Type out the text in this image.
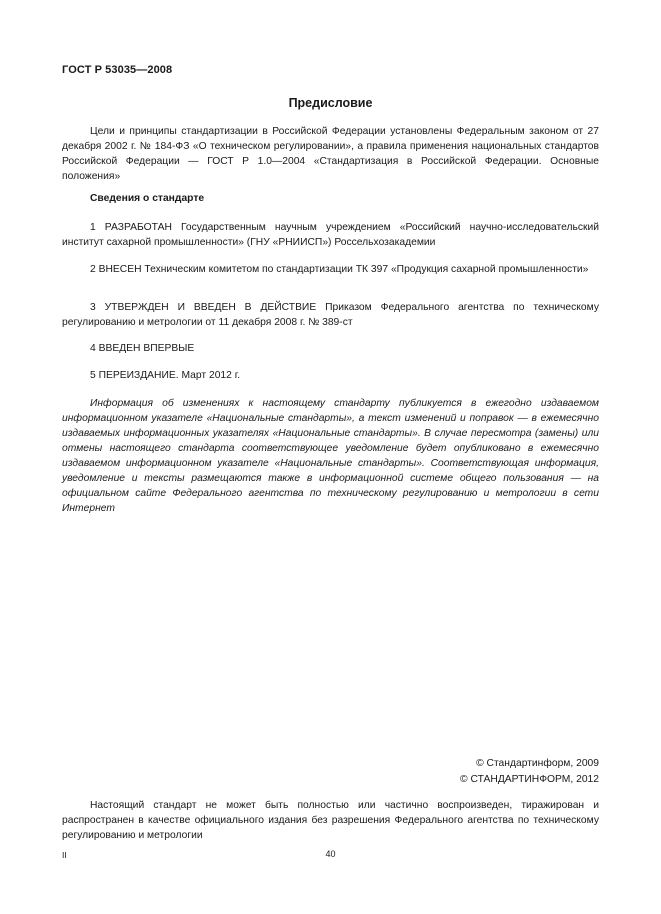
ГОСТ Р 53035—2008
Предисловие

Цели и принципы стандартизации в Российской Федерации установлены Федеральным законом от 27 декабря 2002 г. № 184-ФЗ «О техническом регулировании», а правила применения национальных стандартов Российской Федерации — ГОСТ Р 1.0—2004 «Стандартизация в Российской Федерации. Основные положения»

Сведения о стандарте

1 РАЗРАБОТАН Государственным научным учреждением «Российский научно-исследовательский институт сахарной промышленности» (ГНУ «РНИИСП») Россельхозакадемии

2 ВНЕСЕН Техническим комитетом по стандартизации ТК 397 «Продукция сахарной промышленности»

3 УТВЕРЖДЕН И ВВЕДЕН В ДЕЙСТВИЕ Приказом Федерального агентства по техническому регулированию и метрологии от 11 декабря 2008 г. № 389-ст

4 ВВЕДЕН ВПЕРВЫЕ

5 ПЕРЕИЗДАНИЕ. Март 2012 г.

Информация об изменениях к настоящему стандарту публикуется в ежегодно издаваемом информационном указателе «Национальные стандарты», а текст изменений и поправок — в ежемесячно издаваемых информационных указателях «Национальные стандарты». В случае пересмотра (замены) или отмены настоящего стандарта соответствующее уведомление будет опубликовано в ежемесячно издаваемом информационном указателе «Национальные стандарты». Соответствующая информация, уведомление и тексты размещаются также в информационной системе общего пользования — на официальном сайте Федерального агентства по техническому регулированию и метрологии в сети Интернет

© Стандартинформ, 2009
© СТАНДАРТИНФОРМ, 2012

Настоящий стандарт не может быть полностью или частично воспроизведен, тиражирован и распространен в качестве официального издания без разрешения Федерального агентства по техническому регулированию и метрологии

II	40
